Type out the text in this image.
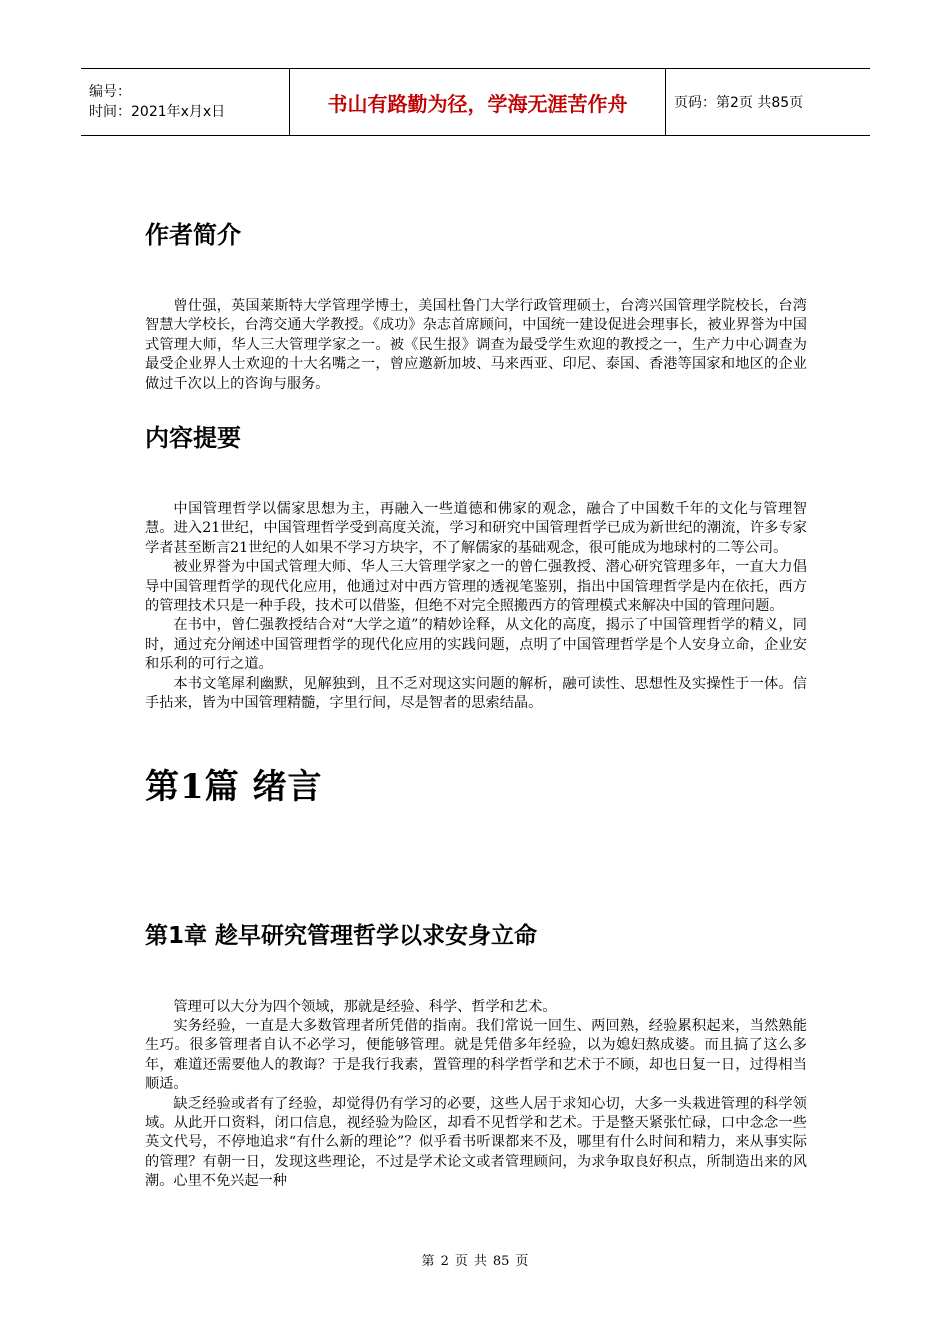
编号：
时间：2021年x月x日	书山有路勤为径，学海无涯苦作舟	页码：第2页 共85页
作者简介

曾仕强，英国莱斯特大学管理学博士，美国杜鲁门大学行政管理硕士，台湾兴国管理学院校长，台湾智慧大学校长，台湾交通大学教授。《成功》杂志首席顾问，中国统一建设促进会理事长，被业界誉为中国式管理大师，华人三大管理学家之一。被《民生报》调查为最受学生欢迎的教授之一，生产力中心调查为最受企业界人士欢迎的十大名嘴之一，曾应邀新加坡、马来西亚、印尼、泰国、香港等国家和地区的企业做过千次以上的咨询与服务。

内容提要

中国管理哲学以儒家思想为主，再融入一些道德和佛家的观念，融合了中国数千年的文化与管理智慧。进入21世纪，中国管理哲学受到高度关流，学习和研究中国管理哲学已成为新世纪的潮流，许多专家学者甚至断言21世纪的人如果不学习方块字，不了解儒家的基础观念，很可能成为地球村的二等公司。

被业界誉为中国式管理大师、华人三大管理学家之一的曾仁强教授、潜心研究管理多年，一直大力倡导中国管理哲学的现代化应用，他通过对中西方管理的透视笔鉴别，指出中国管理哲学是内在依托，西方的管理技术只是一种手段，技术可以借鉴，但绝不对完全照搬西方的管理模式来解决中国的管理问题。

在书中，曾仁强教授结合对“大学之道”的精妙诠释，从文化的高度，揭示了中国管理哲学的精义，同时，通过充分阐述中国管理哲学的现代化应用的实践问题，点明了中国管理哲学是个人安身立命，企业安和乐利的可行之道。

本书文笔犀利幽默，见解独到，且不乏对现这实问题的解析，融可读性、思想性及实操性于一体。信手拈来，皆为中国管理精髓，字里行间，尽是智者的思索结晶。

第1篇 绪言
第1章 趁早研究管理哲学以求安身立命

管理可以大分为四个领域，那就是经验、科学、哲学和艺术。

实务经验，一直是大多数管理者所凭借的指南。我们常说一回生、两回熟，经验累积起来，当然熟能生巧。很多管理者自认不必学习，便能够管理。就是凭借多年经验，以为媳妇熬成婆。而且搞了这么多年，难道还需要他人的教诲？于是我行我素，置管理的科学哲学和艺术于不顾，却也日复一日，过得相当顺适。

缺乏经验或者有了经验，却觉得仍有学习的必要，这些人居于求知心切，大多一头栽进管理的科学领域。从此开口资料，闭口信息，视经验为险区，却看不见哲学和艺术。于是整天紧张忙碌，口中念念一些英文代号，不停地追求“有什么新的理论”？似乎看书听课都来不及，哪里有什么时间和精力，来从事实际的管理？有朝一日，发现这些理论，不过是学术论文或者管理顾问，为求争取良好积点，所制造出来的风潮。心里不免兴起一种

第 2 页 共 85 页
